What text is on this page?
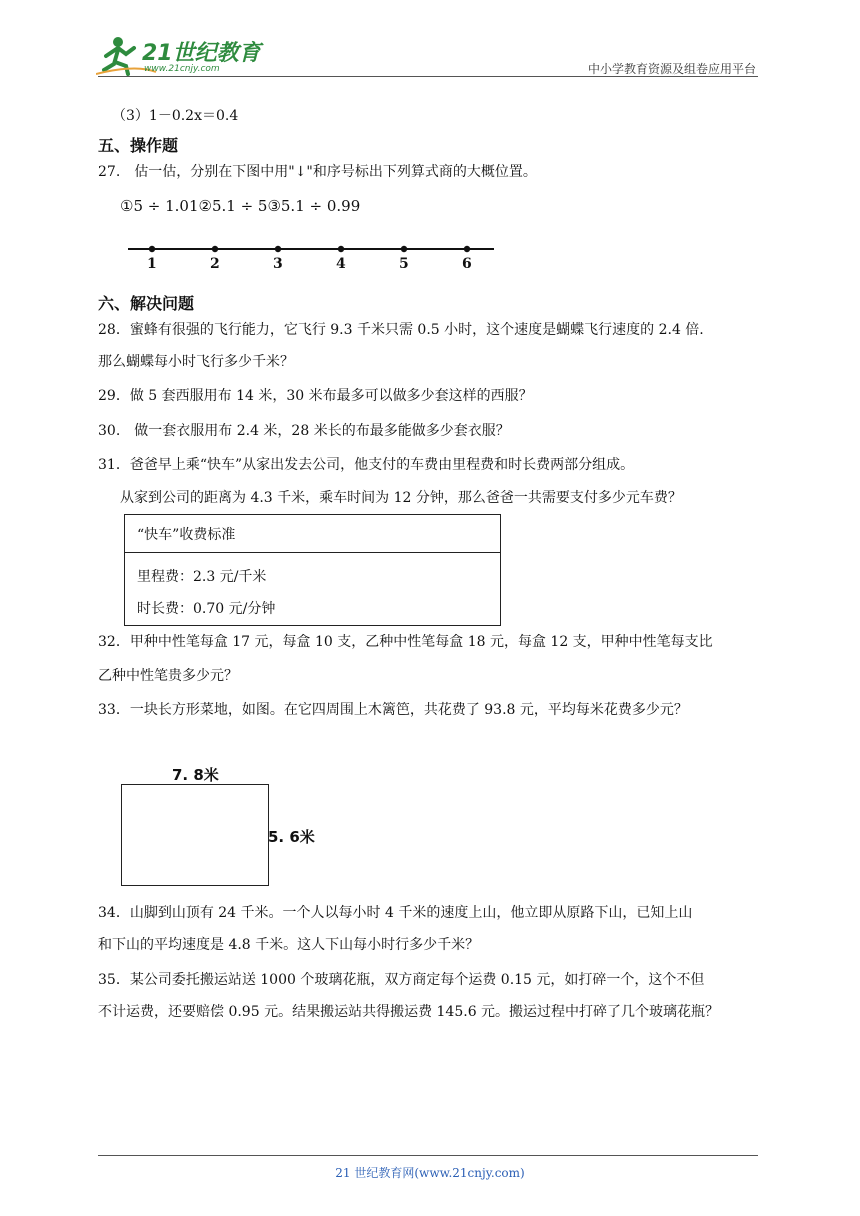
21世纪教育
www.21cnjy.com	中小学教育资源及组卷应用平台
（3）1－0.2x＝0.4
五、操作题
27.　估一估，分别在下图中用"↓"和序号标出下列算式商的大概位置。
①5 ÷ 1.01②5.1 ÷ 5③5.1 ÷ 0.99
1	2	3	4	5	6
六、解决问题
28．蜜蜂有很强的飞行能力，它飞行 9.3 千米只需 0.5 小时，这个速度是蝴蝶飞行速度的 2.4 倍.
那么蝴蝶每小时飞行多少千米？
29．做 5 套西服用布 14 米，30 米布最多可以做多少套这样的西服？
30.　做一套衣服用布 2.4 米，28 米长的布最多能做多少套衣服？
31．爸爸早上乘“快车”从家出发去公司，他支付的车费由里程费和时长费两部分组成。
从家到公司的距离为 4.3 千米，乘车时间为 12 分钟，那么爸爸一共需要支付多少元车费？
“快车”收费标准

里程费：2.3 元/千米
时长费：0.70 元/分钟
32．甲种中性笔每盒 17 元，每盒 10 支，乙种中性笔每盒 18 元，每盒 12 支，甲种中性笔每支比
乙种中性笔贵多少元？
33．一块长方形菜地，如图。在它四周围上木篱笆，共花费了 93.8 元，平均每米花费多少元？
7. 8米
5. 6米
34．山脚到山顶有 24 千米。一个人以每小时 4 千米的速度上山，他立即从原路下山，已知上山
和下山的平均速度是 4.8 千米。这人下山每小时行多少千米？
35．某公司委托搬运站送 1000 个玻璃花瓶，双方商定每个运费 0.15 元，如打碎一个，这个不但
不计运费，还要赔偿 0.95 元。结果搬运站共得搬运费 145.6 元。搬运过程中打碎了几个玻璃花瓶？
21 世纪教育网(www.21cnjy.com)
